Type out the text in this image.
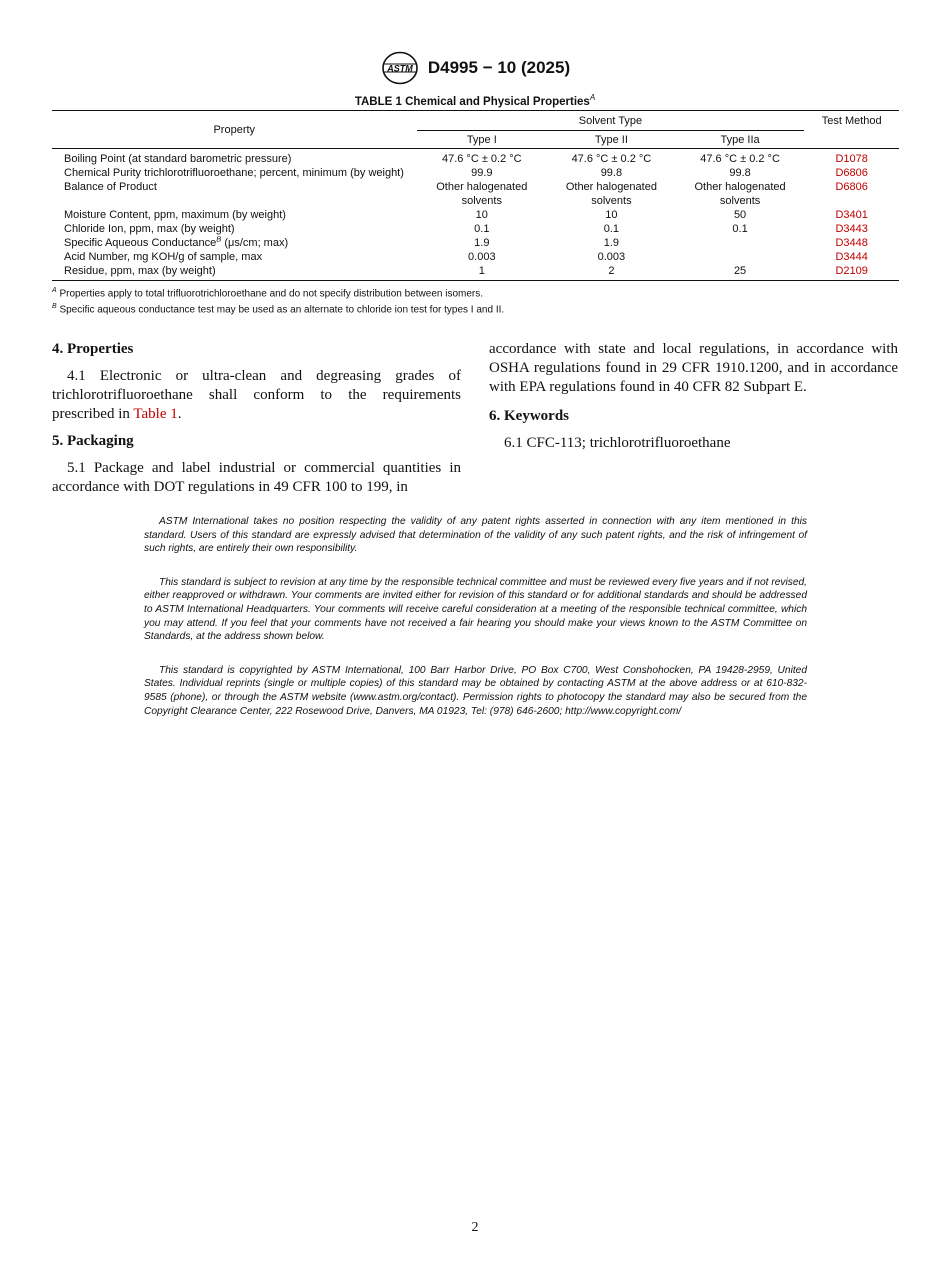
ASTM D4995 − 10 (2025)
TABLE 1 Chemical and Physical Properties$^A$
Property	Solvent Type			Test Method
	Type I	Type II	Type IIa	
Boiling Point (at standard barometric pressure)	47.6 °C ± 0.2 °C	47.6 °C ± 0.2 °C	47.6 °C ± 0.2 °C	D1078
Chemical Purity trichlorotrifluoroethane; percent, minimum (by weight)	99.9	99.8	99.8	D6806
Balance of Product	Other halogenated solvents	Other halogenated solvents	Other halogenated solvents	D6806
Moisture Content, ppm, maximum (by weight)	10	10	50	D3401
Chloride Ion, ppm, max (by weight)	0.1	0.1	0.1	D3443
Specific Aqueous Conductance$^B$ (μs/cm; max)	1.9	1.9		D3448
Acid Number, mg KOH/g of sample, max	0.003	0.003		D3444
Residue, ppm, max (by weight)	1	2	25	D2109
$^A$ Properties apply to total trifluorotrichloroethane and do not specify distribution between isomers.
$^B$ Specific aqueous conductance test may be used as an alternate to chloride ion test for types I and II.

4. Properties

4.1 Electronic or ultra-clean and degreasing grades of trichlorotrifluoroethane shall conform to the requirements prescribed in Table 1.

5. Packaging

5.1 Package and label industrial or commercial quantities in accordance with DOT regulations in 49 CFR 100 to 199, in

accordance with state and local regulations, in accordance with OSHA regulations found in 29 CFR 1910.1200, and in accordance with EPA regulations found in 40 CFR 82 Subpart E.

6. Keywords

6.1 CFC-113; trichlorotrifluoroethane

ASTM International takes no position respecting the validity of any patent rights asserted in connection with any item mentioned in this standard. Users of this standard are expressly advised that determination of the validity of any such patent rights, and the risk of infringement of such rights, are entirely their own responsibility.

This standard is subject to revision at any time by the responsible technical committee and must be reviewed every five years and if not revised, either reapproved or withdrawn. Your comments are invited either for revision of this standard or for additional standards and should be addressed to ASTM International Headquarters. Your comments will receive careful consideration at a meeting of the responsible technical committee, which you may attend. If you feel that your comments have not received a fair hearing you should make your views known to the ASTM Committee on Standards, at the address shown below.

This standard is copyrighted by ASTM International, 100 Barr Harbor Drive, PO Box C700, West Conshohocken, PA 19428-2959, United States. Individual reprints (single or multiple copies) of this standard may be obtained by contacting ASTM at the above address or at 610-832-9585 (phone), or through the ASTM website (www.astm.org/contact). Permission rights to photocopy the standard may also be secured from the Copyright Clearance Center, 222 Rosewood Drive, Danvers, MA 01923, Tel: (978) 646-2600; http://www.copyright.com/

2
